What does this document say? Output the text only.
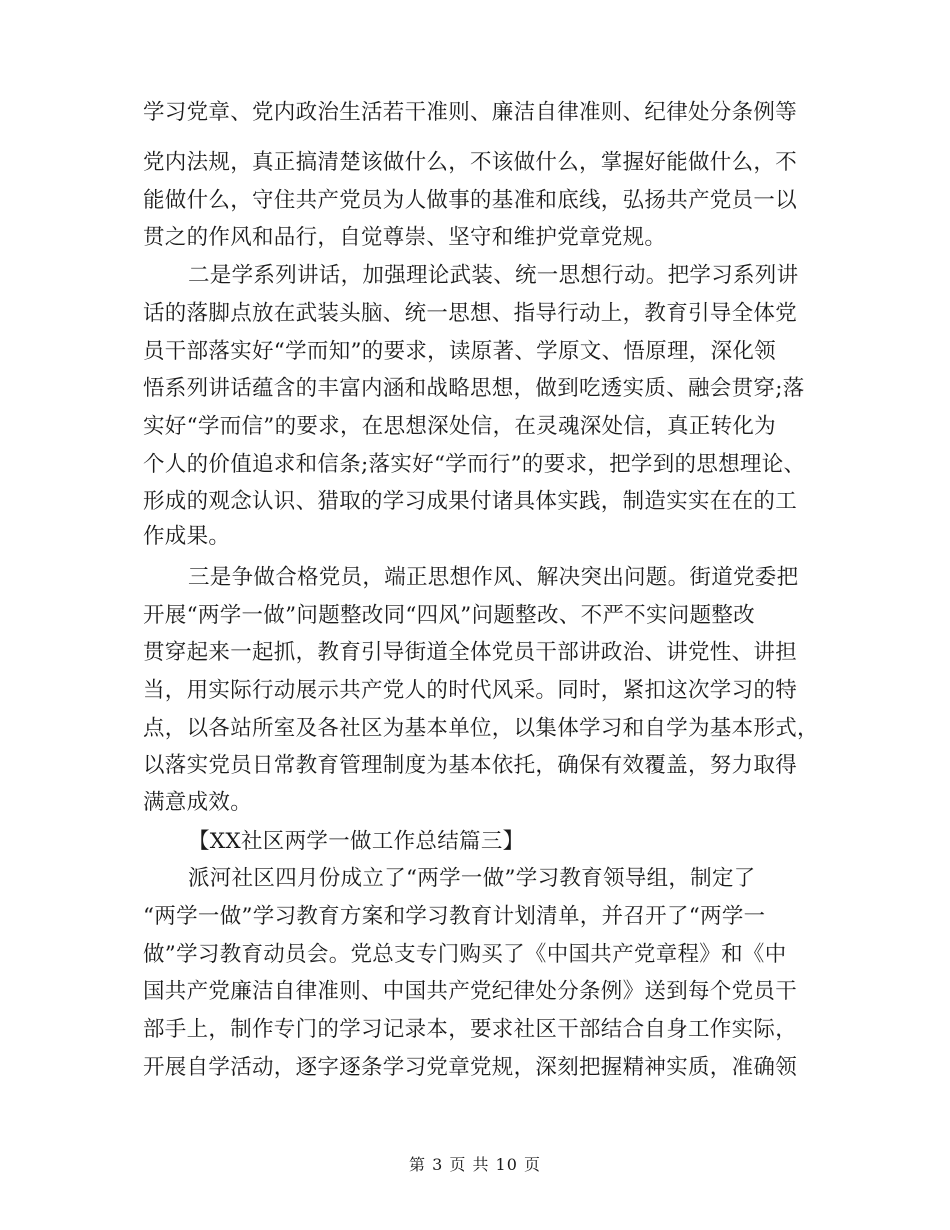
学习党章、党内政治生活若干准则、廉洁自律准则、纪律处分条例等
党内法规，真正搞清楚该做什么，不该做什么，掌握好能做什么，不
能做什么，守住共产党员为人做事的基准和底线，弘扬共产党员一以
贯之的作风和品行，自觉尊崇、坚守和维护党章党规。
二是学系列讲话，加强理论武装、统一思想行动。把学习系列讲
话的落脚点放在武装头脑、统一思想、指导行动上，教育引导全体党
员干部落实好“学而知”的要求，读原著、学原文、悟原理，深化领
悟系列讲话蕴含的丰富内涵和战略思想，做到吃透实质、融会贯穿;落
实好“学而信”的要求，在思想深处信，在灵魂深处信，真正转化为
个人的价值追求和信条;落实好“学而行”的要求，把学到的思想理论、
形成的观念认识、猎取的学习成果付诸具体实践，制造实实在在的工
作成果。
三是争做合格党员，端正思想作风、解决突出问题。街道党委把
开展“两学一做”问题整改同“四风”问题整改、不严不实问题整改
贯穿起来一起抓，教育引导街道全体党员干部讲政治、讲党性、讲担
当，用实际行动展示共产党人的时代风采。同时，紧扣这次学习的特
点，以各站所室及各社区为基本单位，以集体学习和自学为基本形式，
以落实党员日常教育管理制度为基本依托，确保有效覆盖，努力取得
满意成效。
【XX社区两学一做工作总结篇三】
派河社区四月份成立了“两学一做”学习教育领导组，制定了
“两学一做”学习教育方案和学习教育计划清单，并召开了“两学一
做”学习教育动员会。党总支专门购买了《中国共产党章程》和《中
国共产党廉洁自律准则、中国共产党纪律处分条例》送到每个党员干
部手上，制作专门的学习记录本，要求社区干部结合自身工作实际，
开展自学活动，逐字逐条学习党章党规，深刻把握精神实质，准确领
第 3 页 共 10 页
